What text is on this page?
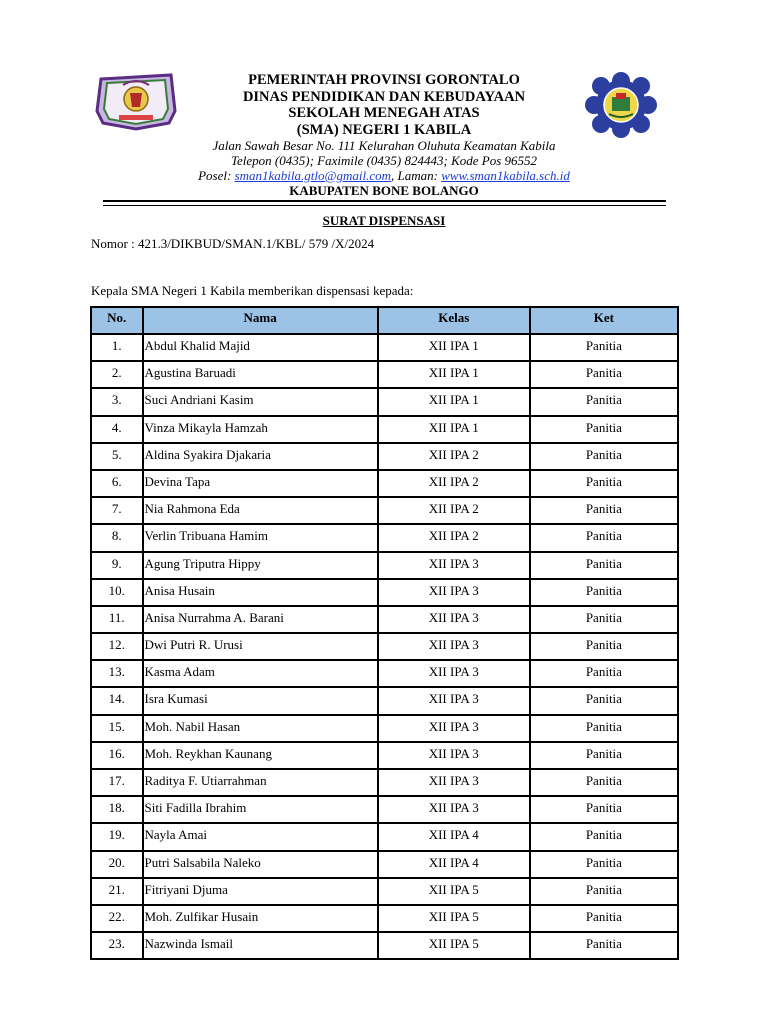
PEMERINTAH PROVINSI GORONTALO
DINAS PENDIDIKAN DAN KEBUDAYAAN
SEKOLAH MENEGAH ATAS
(SMA) NEGERI 1 KABILA
Jalan Sawah Besar No. 111 Kelurahan Oluhuta Keamatan Kabila
Telepon (0435); Faximile (0435) 824443; Kode Pos 96552
Posel: sman1kabila.gtlo@gmail.com, Laman: www.sman1kabila.sch.id
KABUPATEN BONE BOLANGO
SURAT DISPENSASI
Nomor : 421.3/DIKBUD/SMAN.1/KBL/ 579 /X/2024
Kepala SMA Negeri 1 Kabila memberikan dispensasi kepada:
No.	Nama	Kelas	Ket
1.	Abdul Khalid Majid	XII IPA 1	Panitia
2.	Agustina Baruadi	XII IPA 1	Panitia
3.	Suci Andriani Kasim	XII IPA 1	Panitia
4.	Vinza Mikayla Hamzah	XII IPA 1	Panitia
5.	Aldina Syakira Djakaria	XII IPA 2	Panitia
6.	Devina Tapa	XII IPA 2	Panitia
7.	Nia Rahmona Eda	XII IPA 2	Panitia
8.	Verlin Tribuana Hamim	XII IPA 2	Panitia
9.	Agung Triputra Hippy	XII IPA 3	Panitia
10.	Anisa Husain	XII IPA 3	Panitia
11.	Anisa Nurrahma A. Barani	XII IPA 3	Panitia
12.	Dwi Putri R. Urusi	XII IPA 3	Panitia
13.	Kasma Adam	XII IPA 3	Panitia
14.	Isra Kumasi	XII IPA 3	Panitia
15.	Moh. Nabil Hasan	XII IPA 3	Panitia
16.	Moh. Reykhan Kaunang	XII IPA 3	Panitia
17.	Raditya F. Utiarrahman	XII IPA 3	Panitia
18.	Siti Fadilla Ibrahim	XII IPA 3	Panitia
19.	Nayla Amai	XII IPA 4	Panitia
20.	Putri Salsabila Naleko	XII IPA 4	Panitia
21.	Fitriyani Djuma	XII IPA 5	Panitia
22.	Moh. Zulfikar Husain	XII IPA 5	Panitia
23.	Nazwinda Ismail	XII IPA 5	Panitia
